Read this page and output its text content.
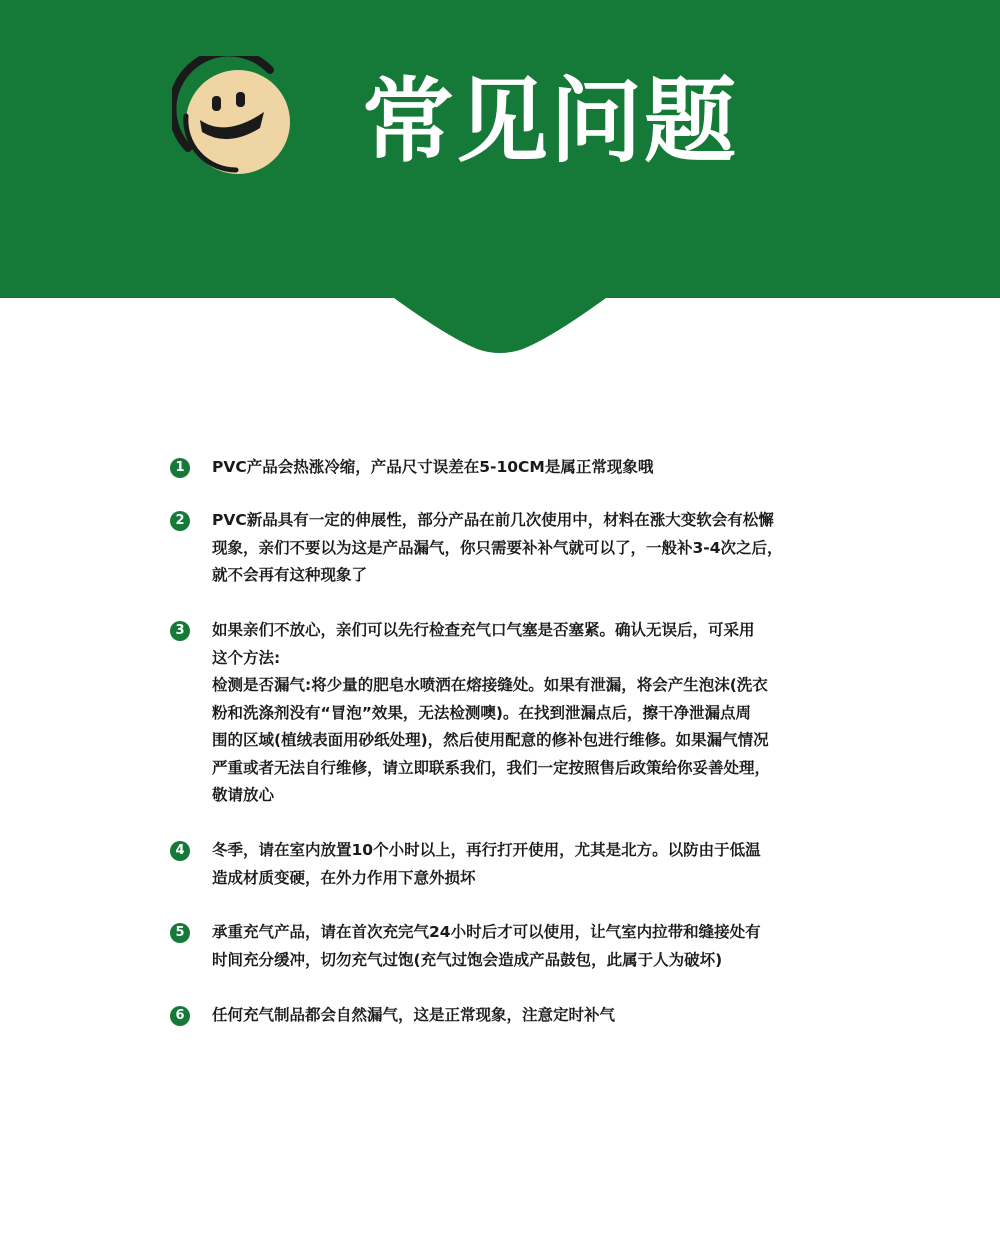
常见问题
1	PVC产品会热涨冷缩，产品尺寸误差在5-10CM是属正常现象哦

2	PVC新品具有一定的伸展性，部分产品在前几次使用中，材料在涨大变软会有松懈
现象，亲们不要以为这是产品漏气，你只需要补补气就可以了，一般补3-4次之后，
就不会再有这种现象了

3	如果亲们不放心，亲们可以先行检查充气口气塞是否塞紧。确认无误后，可采用
这个方法:
检测是否漏气:将少量的肥皂水喷洒在熔接缝处。如果有泄漏，将会产生泡沫(洗衣
粉和洗涤剂没有“冒泡”效果，无法检测噢)。在找到泄漏点后，擦干净泄漏点周
围的区域(植绒表面用砂纸处理)，然后使用配意的修补包进行维修。如果漏气情况
严重或者无法自行维修，请立即联系我们，我们一定按照售后政策给你妥善处理，
敬请放心

4	冬季，请在室内放置10个小时以上，再行打开使用，尤其是北方。以防由于低温
造成材质变硬，在外力作用下意外损坏

5	承重充气产品，请在首次充完气24小时后才可以使用，让气室内拉带和缝接处有
时间充分缓冲，切勿充气过饱(充气过饱会造成产品鼓包，此属于人为破坏)

6	任何充气制品都会自然漏气，这是正常现象，注意定时补气
